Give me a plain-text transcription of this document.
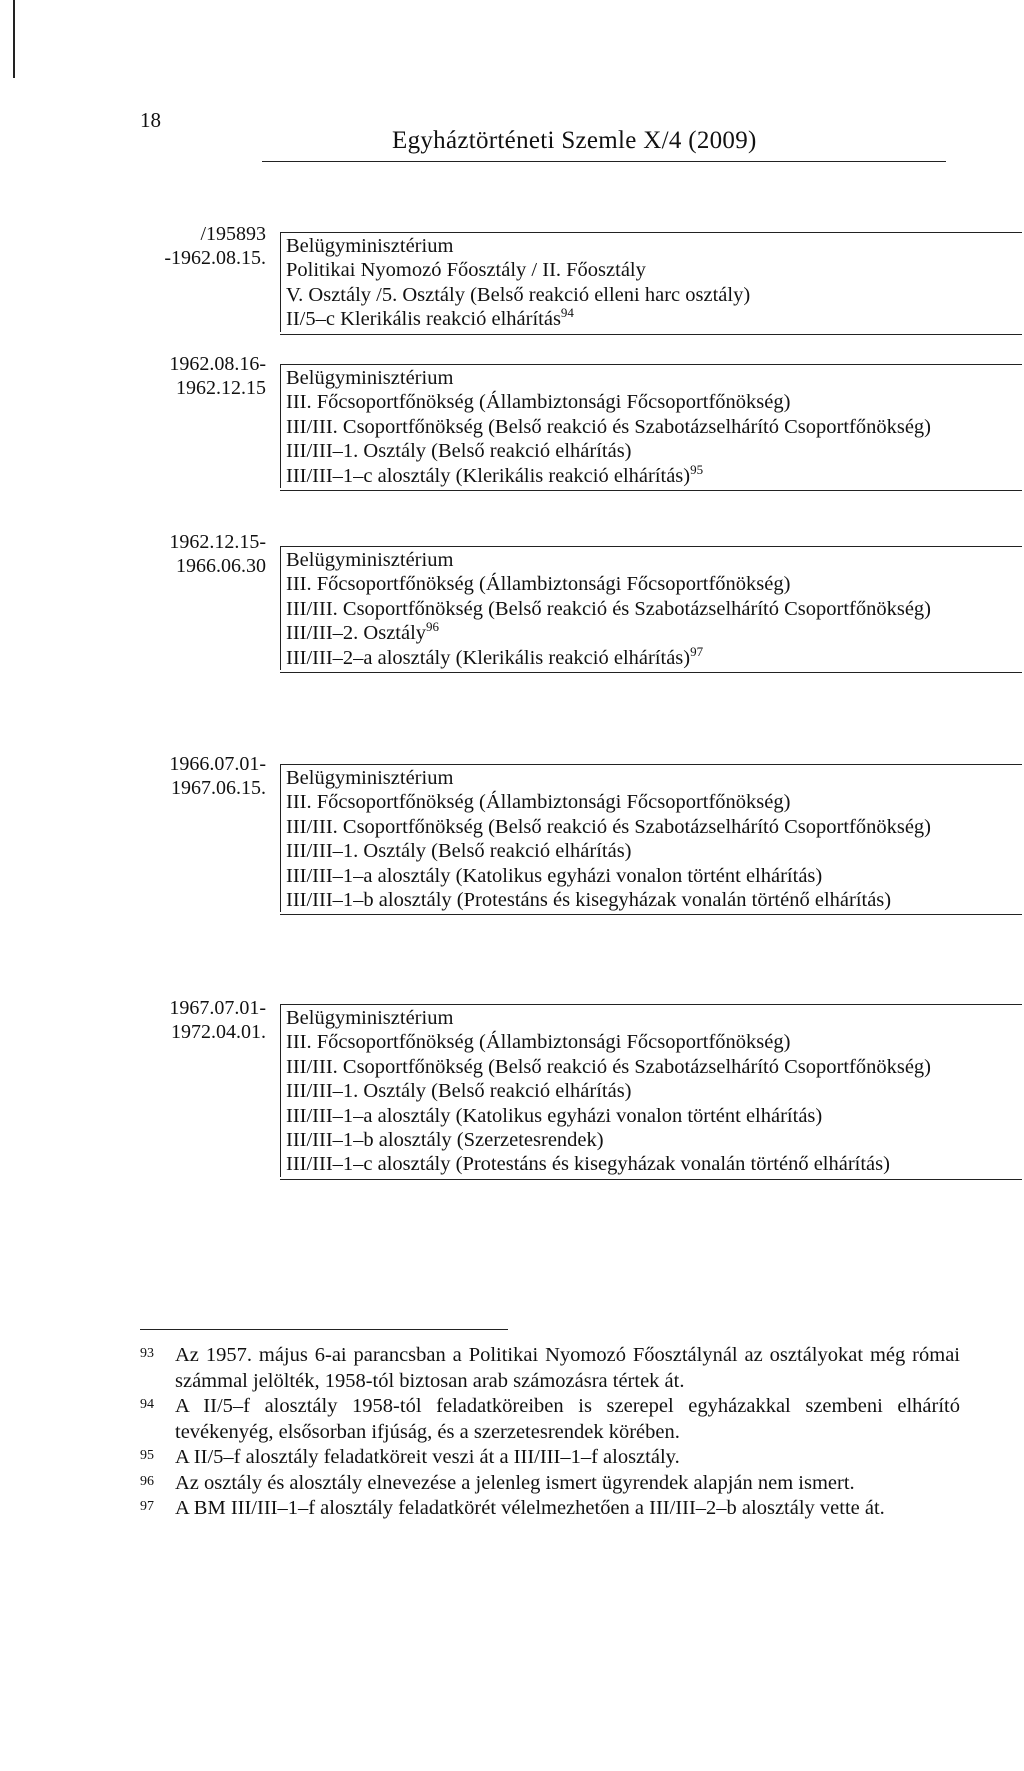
18
Egyháztörténeti Szemle X/4 (2009)
/195893
-1962.08.15.
Belügyminisztérium
Politikai Nyomozó Főosztály / II. Főosztály
V. Osztály /5. Osztály (Belső reakció elleni harc osztály)
II/5–c Klerikális reakció elhárítás$^{94}$
1962.08.16-
1962.12.15 Belügyminisztérium
III. Főcsoportfőnökség (Állambiztonsági Főcsoportfőnökség)
III/III. Csoportfőnökség (Belső reakció és Szabotázselhárító Csoportfőnökség)
III/III–1. Osztály (Belső reakció elhárítás)
III/III–1–c alosztály (Klerikális reakció elhárítás)$^{95}$
1962.12.15-
1966.06.30 Belügyminisztérium
III. Főcsoportfőnökség (Állambiztonsági Főcsoportfőnökség)
III/III. Csoportfőnökség (Belső reakció és Szabotázselhárító Csoportfőnökség)
III/III–2. Osztály$^{96}$
III/III–2–a alosztály (Klerikális reakció elhárítás)$^{97}$
1966.07.01-
1967.06.15. Belügyminisztérium
III. Főcsoportfőnökség (Állambiztonsági Főcsoportfőnökség)
III/III. Csoportfőnökség (Belső reakció és Szabotázselhárító Csoportfőnökség)
III/III–1. Osztály (Belső reakció elhárítás)
III/III–1–a alosztály (Katolikus egyházi vonalon történt elhárítás)
III/III–1–b alosztály (Protestáns és kisegyházak vonalán történő elhárítás)
1967.07.01-
1972.04.01.
Belügyminisztérium
III. Főcsoportfőnökség (Állambiztonsági Főcsoportfőnökség)
III/III. Csoportfőnökség (Belső reakció és Szabotázselhárító Csoportfőnökség)
III/III–1. Osztály (Belső reakció elhárítás)
III/III–1–a alosztály (Katolikus egyházi vonalon történt elhárítás)
III/III–1–b alosztály (Szerzetesrendek)
III/III–1–c alosztály (Protestáns és kisegyházak vonalán történő elhárítás)
93 Az 1957. május 6-ai parancsban a Politikai Nyomozó Főosztálynál az osztályokat még római számmal jelölték, 1958-tól biztosan arab számozásra tértek át.
94 A II/5–f alosztály 1958-tól feladatköreiben is szerepel egyházakkal szembeni elhárító tevékenyég, elsősorban ifjúság, és a szerzetesrendek körében.
95 A II/5–f alosztály feladatköreit veszi át a III/III–1–f alosztály.
96 Az osztály és alosztály elnevezése a jelenleg ismert ügyrendek alapján nem ismert.
97 A BM III/III–1–f alosztály feladatkörét vélelmezhetően a III/III–2–b alosztály vette át.
